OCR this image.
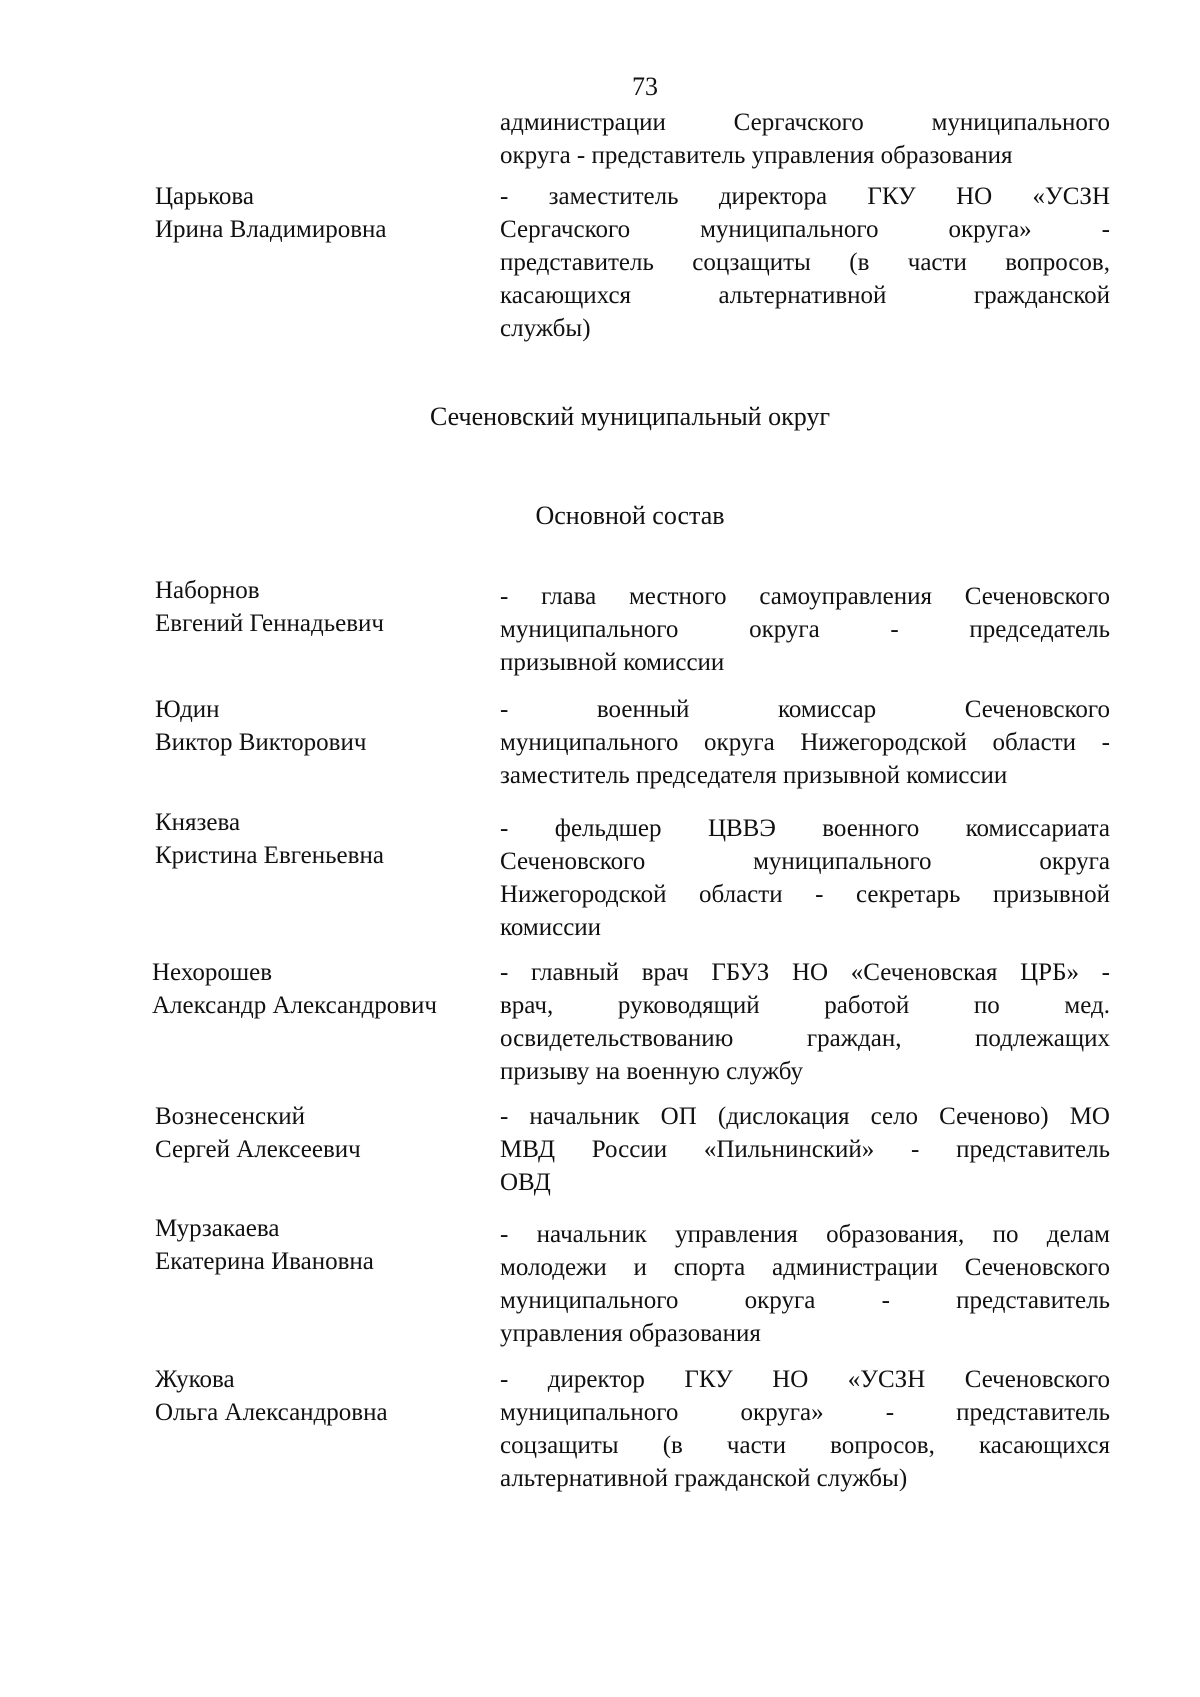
73
администрации Сергачского муниципального
округа - представитель управления образования
Царькова
Ирина Владимировна
- заместитель директора ГКУ НО «УСЗН
Сергачского муниципального округа» -
представитель соцзащиты (в части вопросов,
касающихся альтернативной гражданской
службы)
Сеченовский муниципальный округ
Основной состав
Наборнов
Евгений Геннадьевич
- глава местного самоуправления Сеченовского
муниципального округа - председатель
призывной комиссии
Юдин
Виктор Викторович
- военный комиссар Сеченовского
муниципального округа Нижегородской области -
заместитель председателя призывной комиссии
Князева
Кристина Евгеньевна
- фельдшер ЦВВЭ военного комиссариата
Сеченовского муниципального округа
Нижегородской области - секретарь призывной
комиссии
Нехорошев
Александр Александрович
- главный врач ГБУЗ НО «Сеченовская ЦРБ» -
врач, руководящий работой по мед.
освидетельствованию граждан, подлежащих
призыву на военную службу
Вознесенский
Сергей Алексеевич
- начальник ОП (дислокация село Сеченово) МО
МВД России «Пильнинский» - представитель
ОВД
Мурзакаева
Екатерина Ивановна
- начальник управления образования, по делам
молодежи и спорта администрации Сеченовского
муниципального округа - представитель
управления образования
Жукова
Ольга Александровна
- директор ГКУ НО «УСЗН Сеченовского
муниципального округа» - представитель
соцзащиты (в части вопросов, касающихся
альтернативной гражданской службы)
